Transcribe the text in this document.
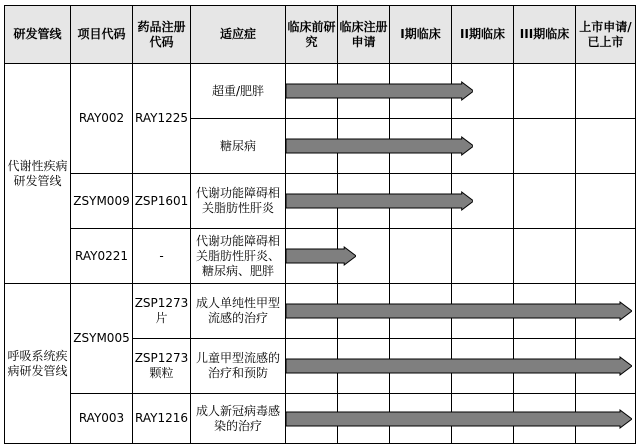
研发管线	项目代码	药品注册代码	适应症	临床前研究	临床注册申请	I期临床	II期临床	III期临床	上市申请/已上市
代谢性疾病研发管线	RAY002	RAY1225	超重/肥胖						
			糖尿病						
	ZSYM009	ZSP1601	代谢功能障碍相关脂肪性肝炎						
	RAY0221	-	代谢功能障碍相关脂肪性肝炎、糖尿病、肥胖						
呼吸系统疾病研发管线	ZSYM005	ZSP1273片	成人单纯性甲型流感的治疗						
		ZSP1273颗粒	儿童甲型流感的治疗和预防						
	RAY003	RAY1216	成人新冠病毒感染的治疗						
